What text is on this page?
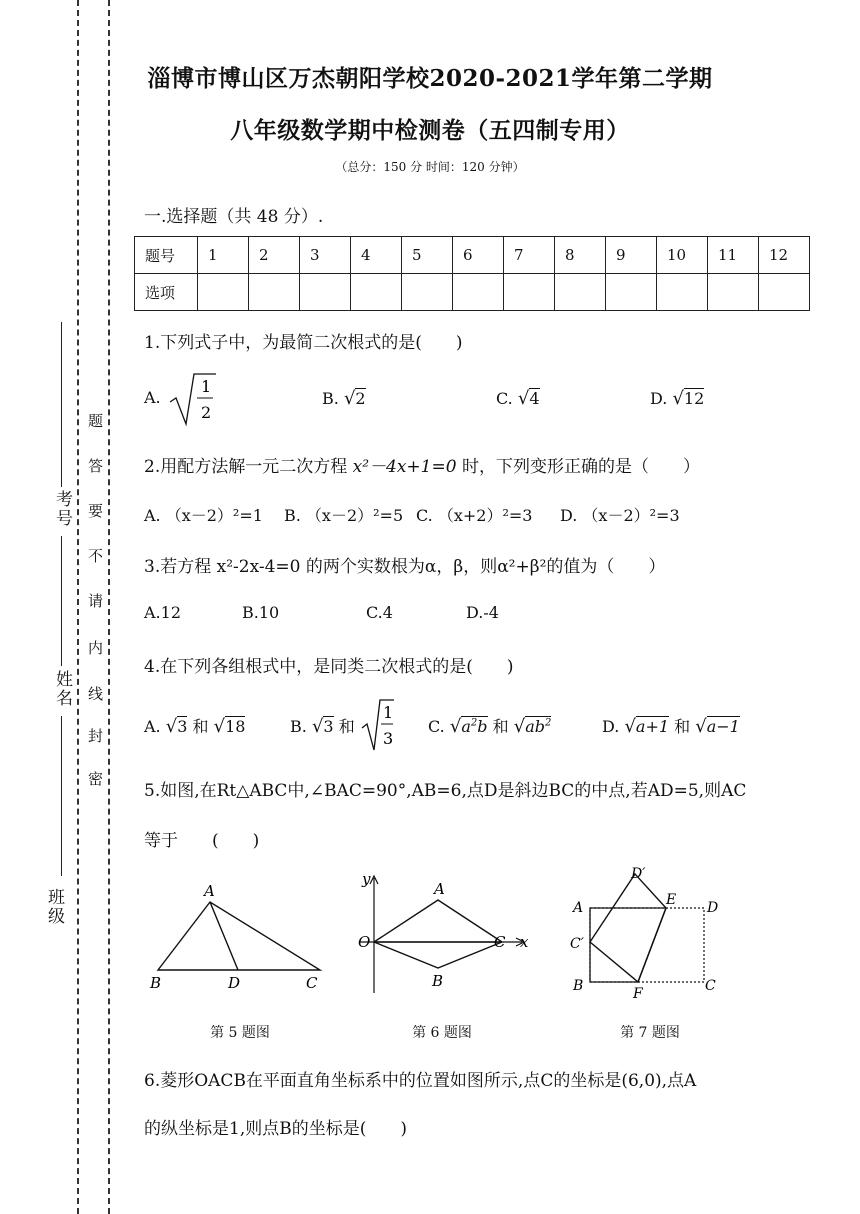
考号
姓名
班级
题
答
要
不
请
内
线
封
密
淄博市博山区万杰朝阳学校2020-2021学年第二学期
八年级数学期中检测卷（五四制专用）
（总分：150 分 时间：120 分钟）
一.选择题（共 48 分）.
题号	1	2	3	4	5	6	7	8	9	10	11	12
选项												
1.下列式子中，为最简二次根式的是(　　)
A.
1
2
B. √2	C. √4	D. √12
2.用配方法解一元二次方程 x²－4x+1=0 时，下列变形正确的是（　　）
A. （x－2）²=1 B. （x－2）²=5 C. （x+2）²=3 D. （x－2）²=3
3.若方程 x²-2x-4=0 的两个实数根为α，β，则α²+β²的值为（　　）
A.12	B.10	C.4	D.-4
4.在下列各组根式中，是同类二次根式的是(　　)
A. √3 和 √18	B. √3 和
1
3
C. $√a^2b$ 和 $√ab^2$	D. √a+1 和 √a−1
5.如图,在Rt△ABC中,∠BAC=90°,AB=6,点D是斜边BC的中点,若AD=5,则AC
等于　　(　　)
A
B	D	C
第 5 题图
y
A
O	C x
B
第 6 题图
D′
A	E D
C′
B	F	C
第 7 题图
6.菱形OACB在平面直角坐标系中的位置如图所示,点C的坐标是(6,0),点A
的纵坐标是1,则点B的坐标是(　　)
